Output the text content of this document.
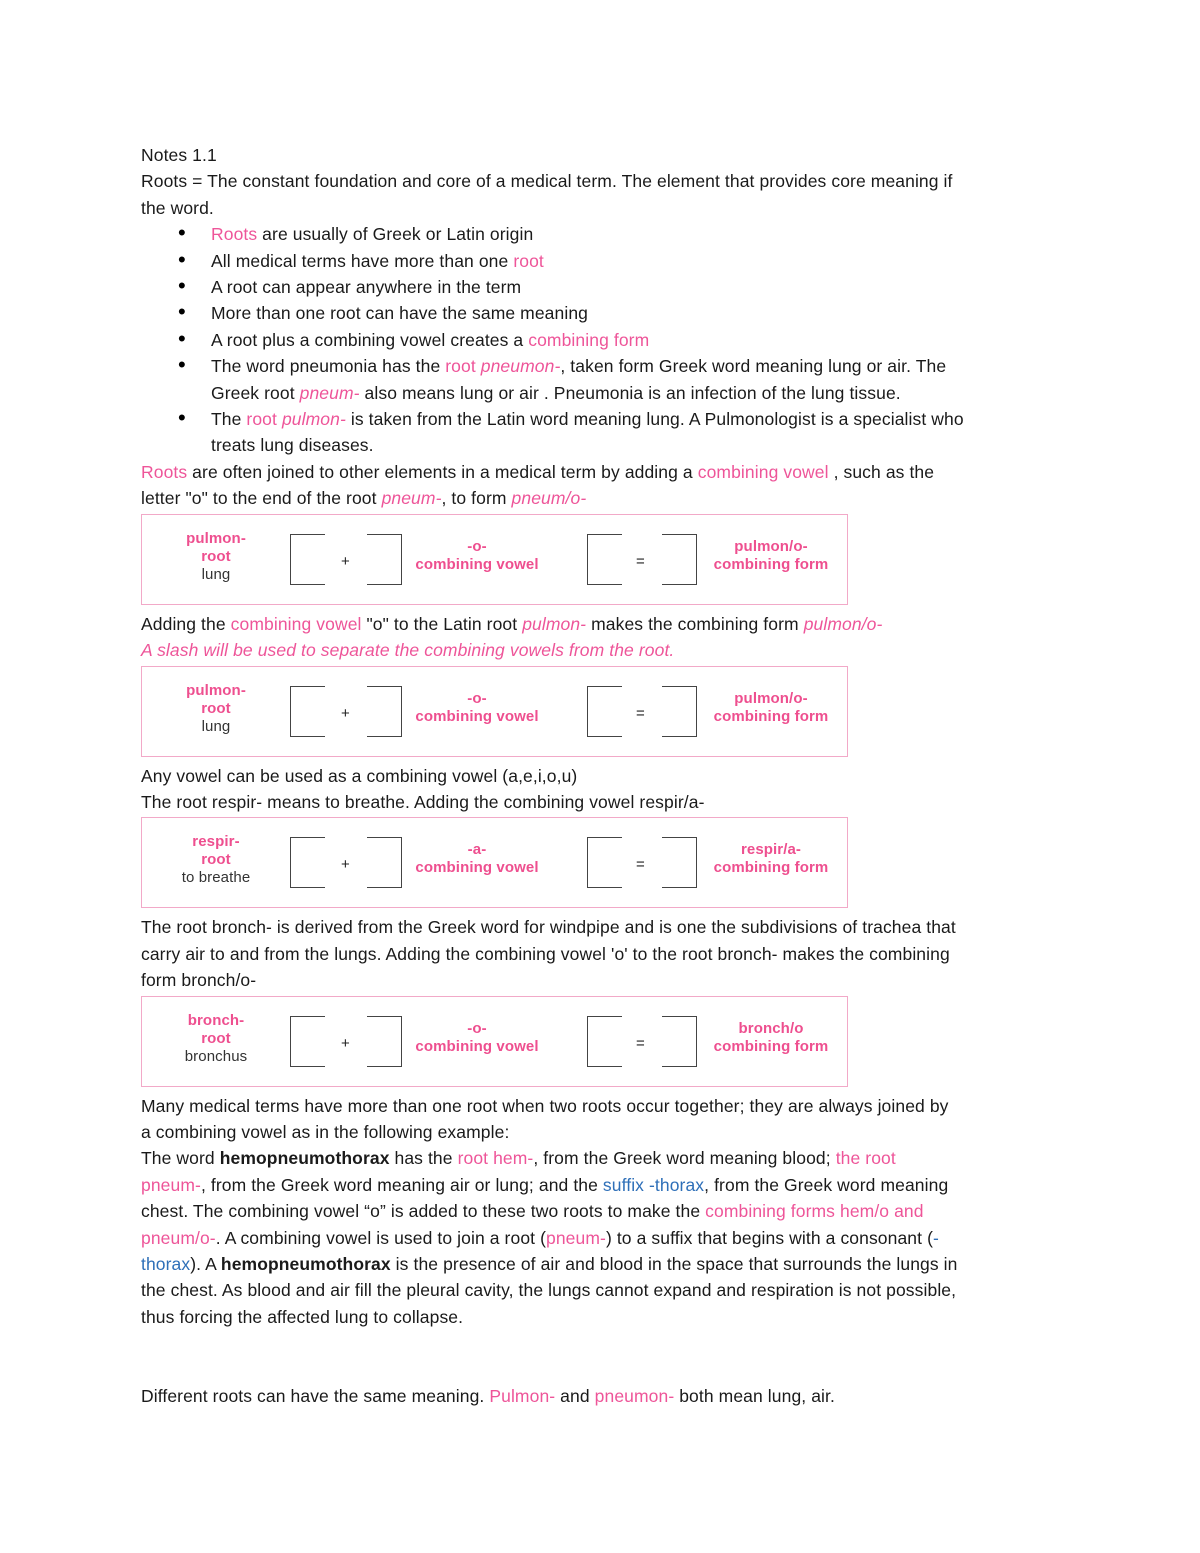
Notes 1.1

Roots = The constant foundation and core of a medical term. The element that provides core meaning if
the word.

• Roots are usually of Greek or Latin origin
• All medical terms have more than one root
• A root can appear anywhere in the term
• More than one root can have the same meaning
• A root plus a combining vowel creates a combining form
• The word pneumonia has the root pneumon-, taken form Greek word meaning lung or air. The
Greek root pneum- also means lung or air . Pneumonia is an infection of the lung tissue.
• The root pulmon- is taken from the Latin word meaning lung. A Pulmonologist is a specialist who
treats lung diseases.

Roots are often joined to other elements in a medical term by adding a combining vowel , such as the
letter "o" to the end of the root pneum-, to form pneum/o-

pulmon-
root
lung
+
-o-
combining vowel	=
pulmon/o-
combining form

Adding the combining vowel "o" to the Latin root pulmon- makes the combining form pulmon/o-
A slash will be used to separate the combining vowels from the root.

pulmon-
root
lung
+
-o-
combining vowel	=
pulmon/o-
combining form

Any vowel can be used as a combining vowel (a,e,i,o,u)
The root respir- means to breathe. Adding the combining vowel respir/a-

respir-
root
to breathe
+
-a-
combining vowel	=
respir/a-
combining form

The root bronch- is derived from the Greek word for windpipe and is one the subdivisions of trachea that
carry air to and from the lungs. Adding the combining vowel 'o' to the root bronch- makes the combining
form bronch/o-

bronch-
root
bronchus
+
-o-
combining vowel	=
bronch/o
combining form

Many medical terms have more than one root when two roots occur together; they are always joined by
a combining vowel as in the following example:
The word hemopneumothorax has the root hem-, from the Greek word meaning blood; the root
pneum-, from the Greek word meaning air or lung; and the suffix -thorax, from the Greek word meaning
chest. The combining vowel “o” is added to these two roots to make the combining forms hem/o and
pneum/o-. A combining vowel is used to join a root (pneum-) to a suffix that begins with a consonant (-
thorax). A hemopneumothorax is the presence of air and blood in the space that surrounds the lungs in
the chest. As blood and air fill the pleural cavity, the lungs cannot expand and respiration is not possible,
thus forcing the affected lung to collapse.

Different roots can have the same meaning. Pulmon- and pneumon- both mean lung, air.
